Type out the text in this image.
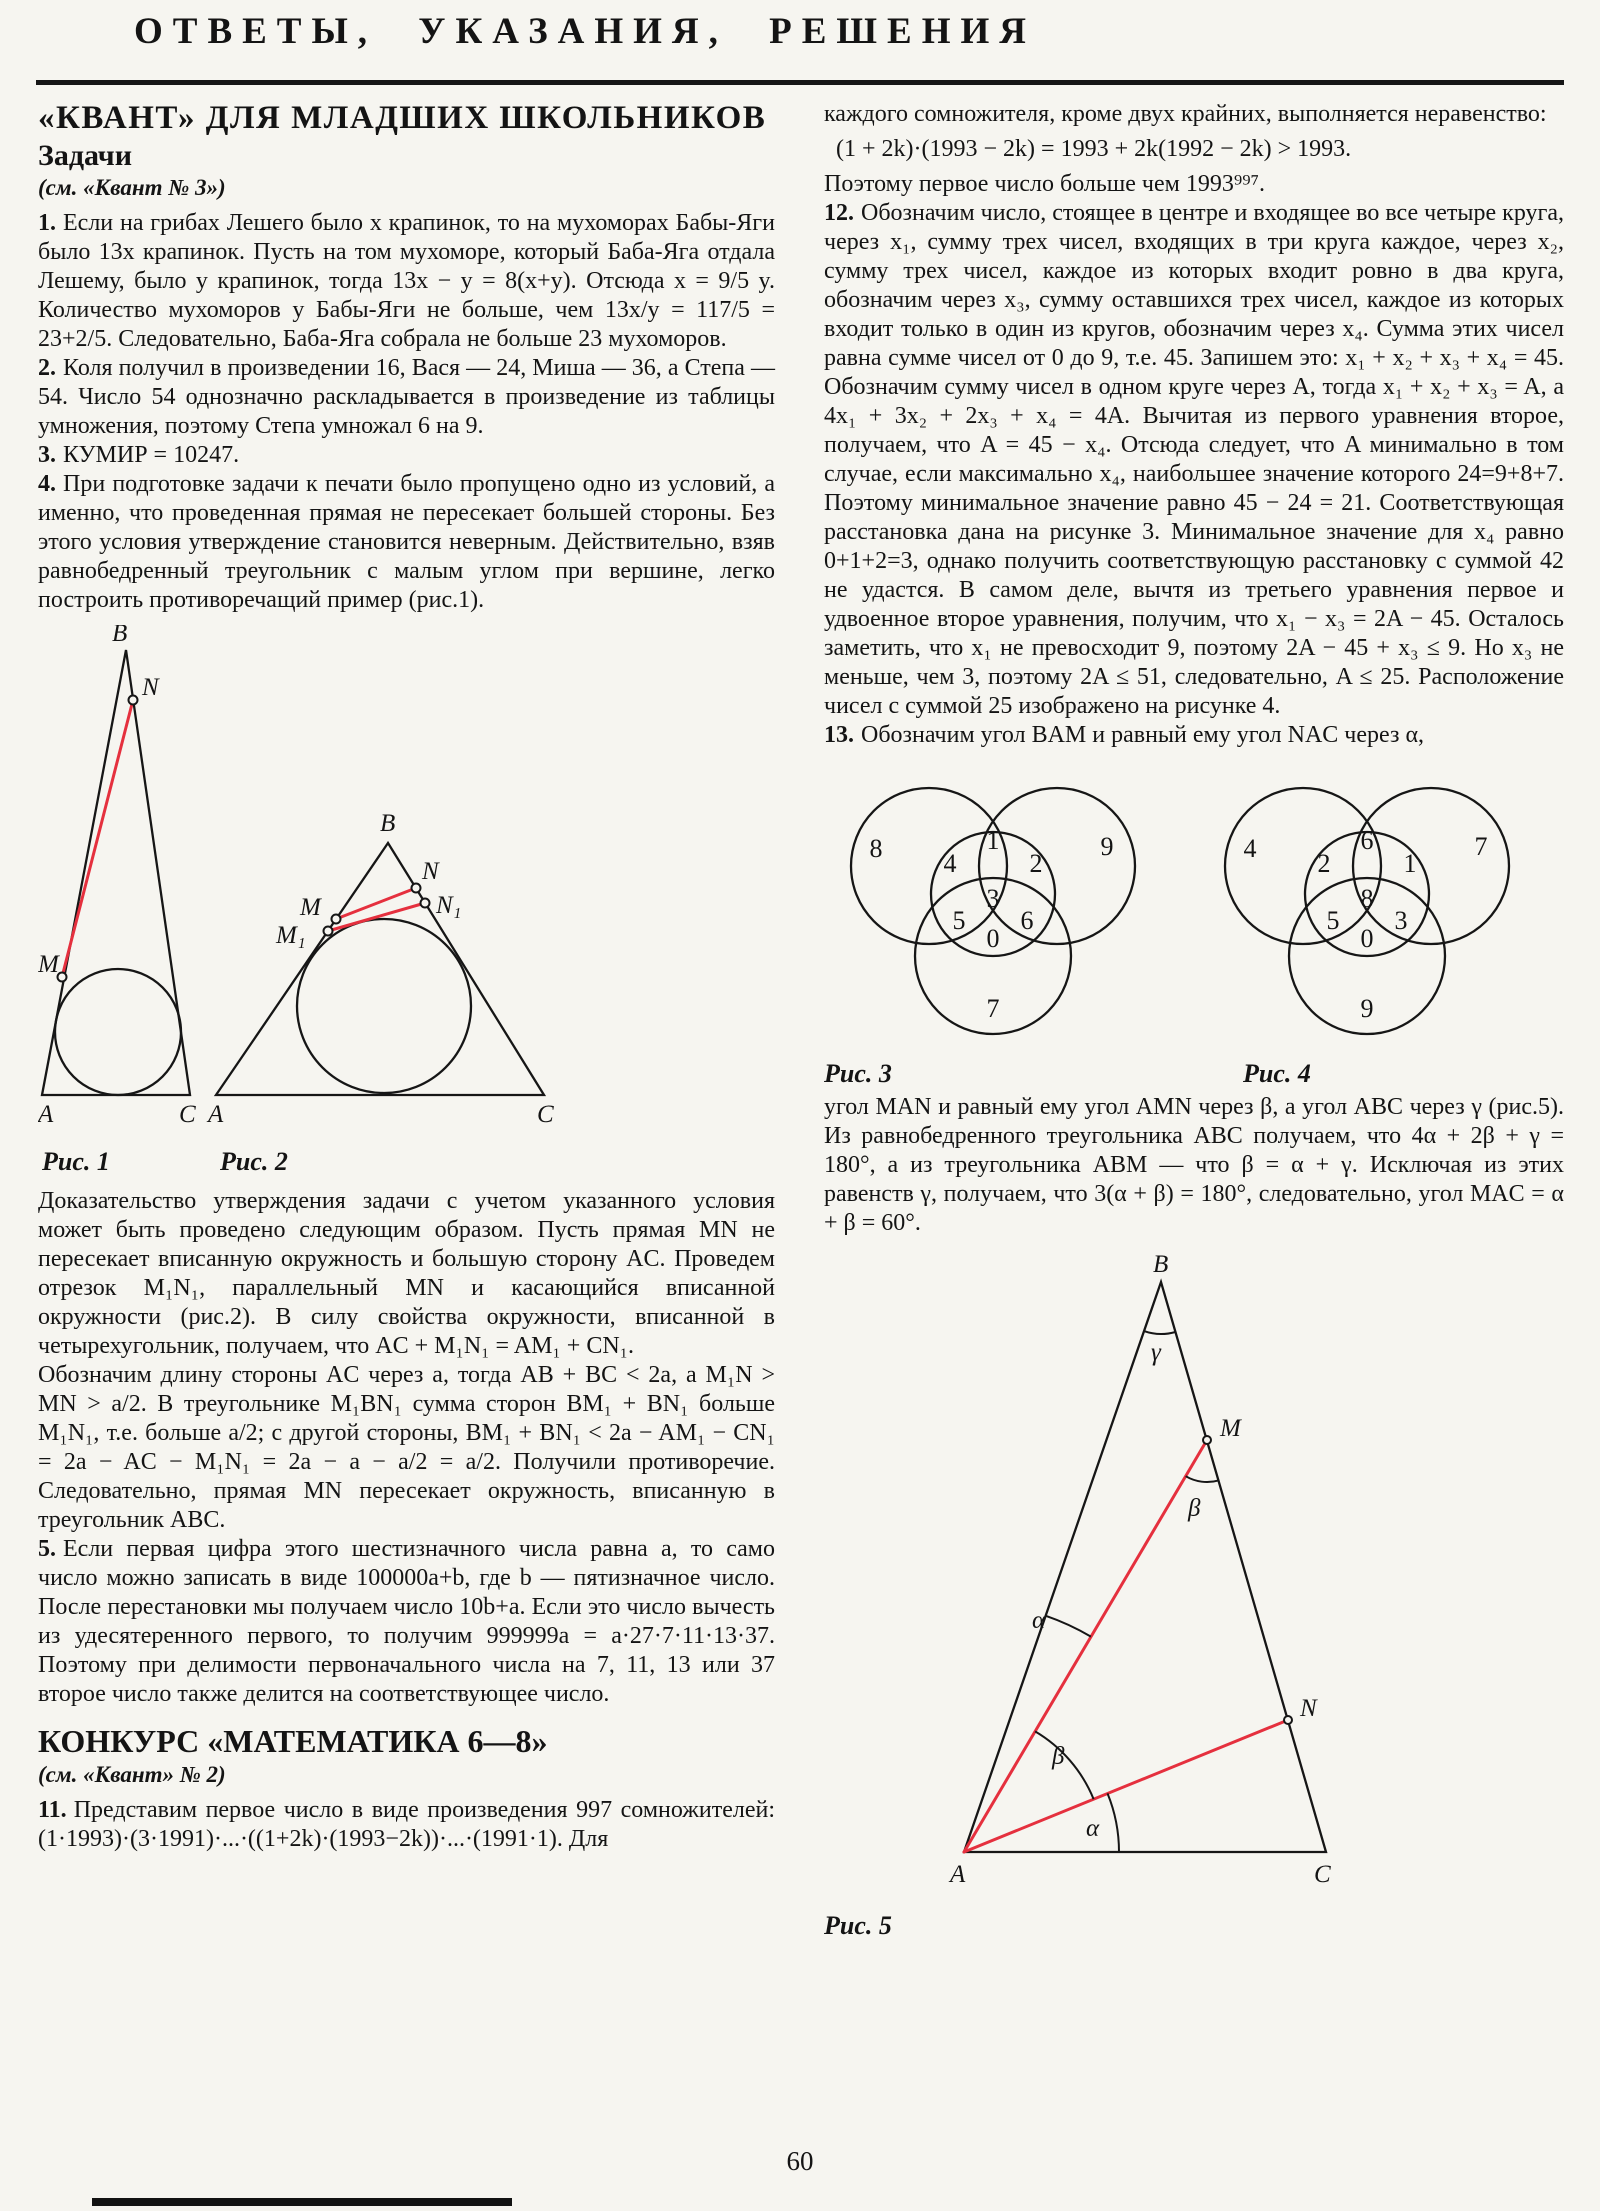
ОТВЕТЫ, УКАЗАНИЯ, РЕШЕНИЯ
«КВАНТ» ДЛЯ МЛАДШИХ ШКОЛЬНИКОВ
Задачи
(см. «Квант № 3»)

1. Если на грибах Лешего было x крапинок, то на мухоморах Бабы-Яги было 13x крапинок. Пусть на том мухоморе, который Баба-Яга отдала Лешему, было y крапинок, тогда 13x − y = 8(x+y). Отсюда x = 9/5 y. Количество мухоморов у Бабы-Яги не больше, чем 13x/y = 117/5 = 23+2/5. Следовательно, Баба-Яга собрала не больше 23 мухоморов.

2. Коля получил в произведении 16, Вася — 24, Миша — 36, а Степа — 54. Число 54 однозначно раскладывается в произведение из таблицы умножения, поэтому Степа умножал 6 на 9.

3. КУМИР = 10247.

4. При подготовке задачи к печати было пропущено одно из условий, а именно, что проведенная прямая не пересекает большей стороны. Без этого условия утверждение становится неверным. Действительно, взяв равнобедренный треугольник с малым углом при вершине, легко построить противоречащий пример (рис.1).

B
N
M
A	C
Рис. 1
B
M
N
M₁
N₁
A	C
Рис. 2

Доказательство утверждения задачи с учетом указанного условия может быть проведено следующим образом. Пусть прямая MN не пересекает вписанную окружность и большую сторону AC. Проведем отрезок M₁N₁, параллельный MN и касающийся вписанной окружности (рис.2). В силу свойства окружности, вписанной в четырехугольник, получаем, что AC + M₁N₁ = AM₁ + CN₁.

Обозначим длину стороны AC через a, тогда AB + BC < 2a, а M₁N > MN > a/2. В треугольнике M₁BN₁ сумма сторон BM₁ + BN₁ больше M₁N₁, т.е. больше a/2; с другой стороны, BM₁ + BN₁ < 2a − AM₁ − CN₁ = 2a − AC − M₁N₁ = 2a − a − a/2 = a/2. Получили противоречие. Следовательно, прямая MN пересекает окружность, вписанную в треугольник ABC.

5. Если первая цифра этого шестизначного числа равна a, то само число можно записать в виде 100000a+b, где b — пятизначное число. После перестановки мы получаем число 10b+a. Если это число вычесть из удесятеренного первого, то получим 999999a = a·27·7·11·13·37. Поэтому при делимости первоначального числа на 7, 11, 13 или 37 второе число также делится на соответствующее число.

КОНКУРС «МАТЕМАТИКА 6—8»
(см. «Квант» № 2)

11. Представим первое число в виде произведения 997 сомножителей: (1·1993)·(3·1991)·...·((1+2k)·(1993−2k))·...·(1991·1). Для

каждого сомножителя, кроме двух крайних, выполняется неравенство:

(1 + 2k)·(1993 − 2k) = 1993 + 2k(1992 − 2k) > 1993.

Поэтому первое число больше чем 1993⁹⁹⁷.

12. Обозначим число, стоящее в центре и входящее во все четыре круга, через x₁, сумму трех чисел, входящих в три круга каждое, через x₂, сумму трех чисел, каждое из которых входит ровно в два круга, обозначим через x₃, сумму оставшихся трех чисел, каждое из которых входит только в один из кругов, обозначим через x₄. Сумма этих чисел равна сумме чисел от 0 до 9, т.е. 45. Запишем это: x₁ + x₂ + x₃ + x₄ = 45. Обозначим сумму чисел в одном круге через A, тогда x₁ + x₂ + x₃ = A, а 4x₁ + 3x₂ + 2x₃ + x₄ = 4A. Вычитая из первого уравнения второе, получаем, что A = 45 − x₄. Отсюда следует, что A минимально в том случае, если максимально x₄, наибольшее значение которого 24=9+8+7. Поэтому минимальное значение равно 45 − 24 = 21. Соответствующая расстановка дана на рисунке 3. Минимальное значение для x₄ равно 0+1+2=3, однако получить соответствующую расстановку с суммой 42 не удастся. В самом деле, вычтя из третьего уравнения первое и удвоенное второе уравнения, получим, что x₁ − x₃ = 2A − 45. Осталось заметить, что x₁ не превосходит 9, поэтому 2A − 45 + x₃ ≤ 9. Но x₃ не меньше, чем 3, поэтому 2A ≤ 51, следовательно, A ≤ 25. Расположение чисел с суммой 25 изображено на рисунке 4.

13. Обозначим угол BAM и равный ему угол NAC через α,

8
4
1
2
9
5
3
6
0
7
Рис. 3
4
2
6
1
7
5
8
3
0
9
Рис. 4

угол MAN и равный ему угол AMN через β, а угол ABC через γ (рис.5). Из равнобедренного треугольника ABC получаем, что 4α + 2β + γ = 180°, а из треугольника ABM — что β = α + γ. Исключая из этих равенств γ, получаем, что 3(α + β) = 180°, следовательно, угол MAC = α + β = 60°.

B
γ
M
β
N
α
β
α
A	C
Рис. 5
60
